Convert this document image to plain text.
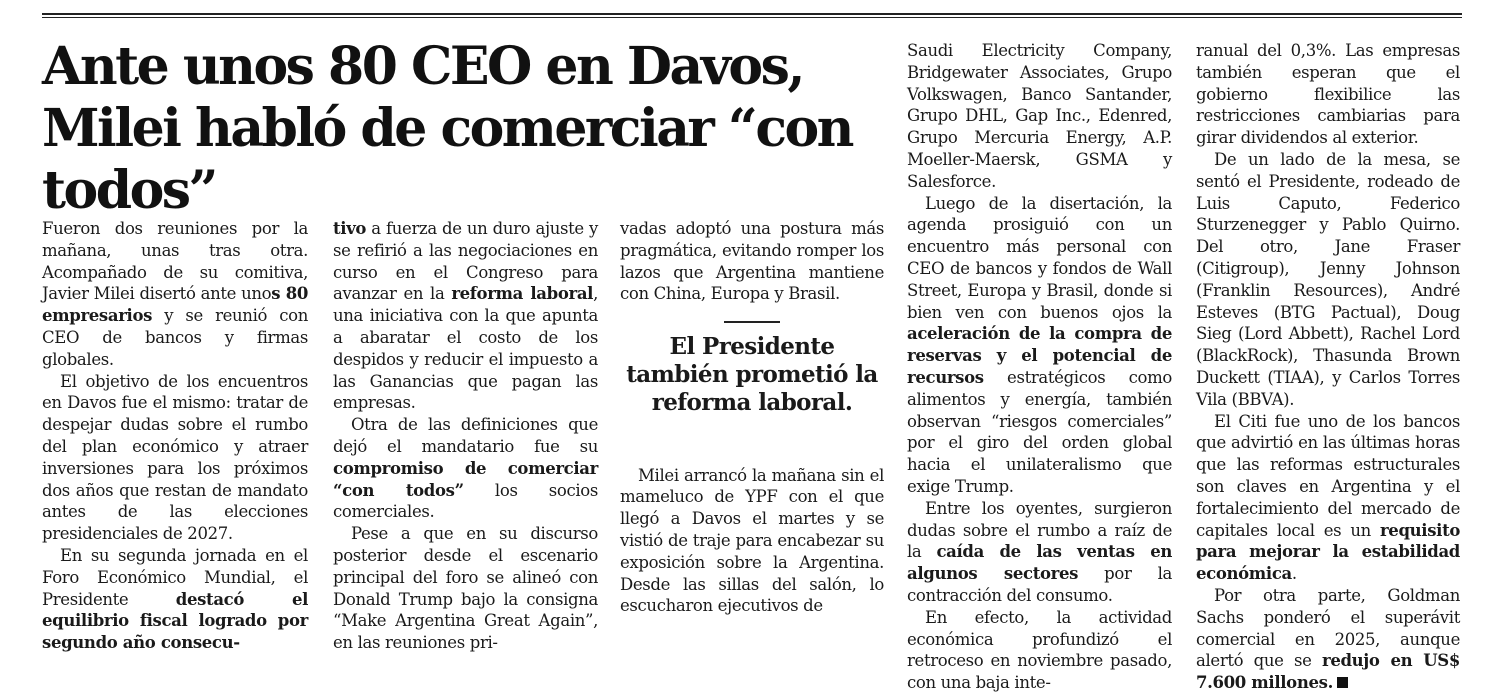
Ante unos 80 CEO en Davos, Milei habló de comerciar “con todos”

Fueron dos reuniones por la mañana, unas tras otra. Acompañado de su comitiva, Javier Milei disertó ante unos 80 empresarios y se reunió con CEO de bancos y firmas globales.

El objetivo de los encuentros en Davos fue el mismo: tratar de despejar dudas sobre el rumbo del plan económico y atraer inversiones para los próximos dos años que restan de mandato antes de las elecciones presidenciales de 2027.

En su segunda jornada en el Foro Económico Mundial, el Presidente destacó el equilibrio fiscal logrado por segundo año consecu-

tivo a fuerza de un duro ajuste y se refirió a las negociaciones en curso en el Congreso para avanzar en la reforma laboral, una iniciativa con la que apunta a abaratar el costo de los despidos y reducir el impuesto a las Ganancias que pagan las empresas.

Otra de las definiciones que dejó el mandatario fue su compromiso de comerciar “con todos” los socios comerciales.

Pese a que en su discurso posterior desde el escenario principal del foro se alineó con Donald Trump bajo la consigna “Make Argentina Great Again”, en las reuniones pri-

vadas adoptó una postura más pragmática, evitando romper los lazos que Argentina mantiene con China, Europa y Brasil.

El Presidente también prometió la reforma laboral.

Milei arrancó la mañana sin el mameluco de YPF con el que llegó a Davos el martes y se vistió de traje para encabezar su exposición sobre la Argentina. Desde las sillas del salón, lo escucharon ejecutivos de

Saudi Electricity Company, Bridgewater Associates, Grupo Volkswagen, Banco Santander, Grupo DHL, Gap Inc., Edenred, Grupo Mercuria Energy, A.P. Moeller-Maersk, GSMA y Salesforce.

Luego de la disertación, la agenda prosiguió con un encuentro más personal con CEO de bancos y fondos de Wall Street, Europa y Brasil, donde si bien ven con buenos ojos la aceleración de la compra de reservas y el potencial de recursos estratégicos como alimentos y energía, también observan “riesgos comerciales” por el giro del orden global hacia el unilateralismo que exige Trump.

Entre los oyentes, surgieron dudas sobre el rumbo a raíz de la caída de las ventas en algunos sectores por la contracción del consumo.

En efecto, la actividad económica profundizó el retroceso en noviembre pasado, con una baja inte-

ranual del 0,3%. Las empresas también esperan que el gobierno flexibilice las restricciones cambiarias para girar dividendos al exterior.

De un lado de la mesa, se sentó el Presidente, rodeado de Luis Caputo, Federico Sturzenegger y Pablo Quirno. Del otro, Jane Fraser (Citigroup), Jenny Johnson (Franklin Resources), André Esteves (BTG Pactual), Doug Sieg (Lord Abbett), Rachel Lord (BlackRock), Thasunda Brown Duckett (TIAA), y Carlos Torres Vila (BBVA).

El Citi fue uno de los bancos que advirtió en las últimas horas que las reformas estructurales son claves en Argentina y el fortalecimiento del mercado de capitales local es un requisito para mejorar la estabilidad económica.

Por otra parte, Goldman Sachs ponderó el superávit comercial en 2025, aunque alertó que se redujo en US$ 7.600 millones.
